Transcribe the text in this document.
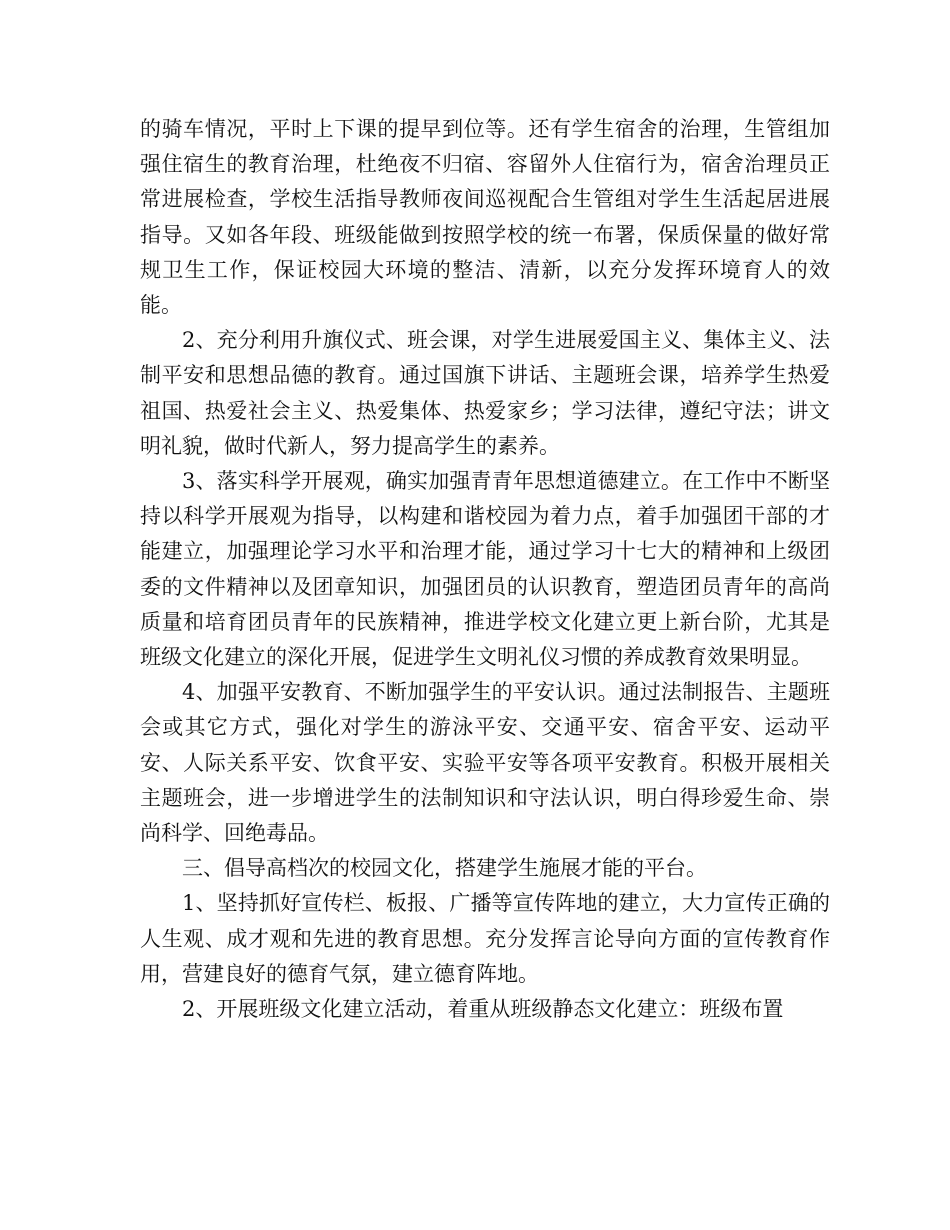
的骑车情况，平时上下课的提早到位等。还有学生宿舍的治理，生管组加强住宿生的教育治理，杜绝夜不归宿、容留外人住宿行为，宿舍治理员正常进展检查，学校生活指导教师夜间巡视配合生管组对学生生活起居进展指导。又如各年段、班级能做到按照学校的统一布署，保质保量的做好常规卫生工作，保证校园大环境的整洁、清新，以充分发挥环境育人的效能。

2、充分利用升旗仪式、班会课，对学生进展爱国主义、集体主义、法制平安和思想品德的教育。通过国旗下讲话、主题班会课，培养学生热爱祖国、热爱社会主义、热爱集体、热爱家乡；学习法律，遵纪守法；讲文明礼貌，做时代新人，努力提高学生的素养。

3、落实科学开展观，确实加强青青年思想道德建立。在工作中不断坚持以科学开展观为指导，以构建和谐校园为着力点，着手加强团干部的才能建立，加强理论学习水平和治理才能，通过学习十七大的精神和上级团委的文件精神以及团章知识，加强团员的认识教育，塑造团员青年的高尚质量和培育团员青年的民族精神，推进学校文化建立更上新台阶，尤其是班级文化建立的深化开展，促进学生文明礼仪习惯的养成教育效果明显。

4、加强平安教育、不断加强学生的平安认识。通过法制报告、主题班会或其它方式，强化对学生的游泳平安、交通平安、宿舍平安、运动平安、人际关系平安、饮食平安、实验平安等各项平安教育。积极开展相关主题班会，进一步增进学生的法制知识和守法认识，明白得珍爱生命、崇尚科学、回绝毒品。

三、倡导高档次的校园文化，搭建学生施展才能的平台。

1、坚持抓好宣传栏、板报、广播等宣传阵地的建立，大力宣传正确的人生观、成才观和先进的教育思想。充分发挥言论导向方面的宣传教育作用，营建良好的德育气氛，建立德育阵地。

2、开展班级文化建立活动，着重从班级静态文化建立：班级布置
